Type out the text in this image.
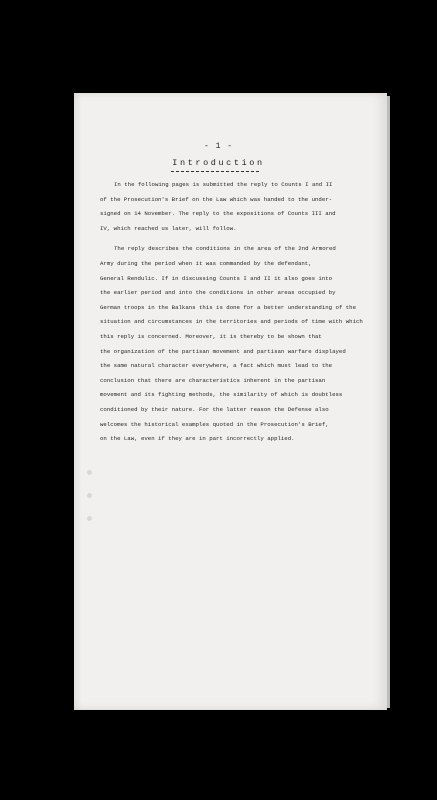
- 1 -
Introduction
In the following pages is submitted the reply to Counts I and II
of the Prosecution's Brief on the Law which was handed to the under-
signed on 14 November. The reply to the expositions of Counts III and
IV, which reached us later, will follow.
The reply describes the conditions in the area of the 2nd Armored
Army during the period when it was commanded by the defendant,
General Rendulic. If in discussing Counts I and II it also goes into
the earlier period and into the conditions in other areas occupied by
German troops in the Balkans this is done for a better understanding of the
situation and circumstances in the territories and periods of time with which
this reply is concerned. Moreover, it is thereby to be shown that
the organization of the partisan movement and partisan warfare displayed
the same natural character everywhere, a fact which must lead to the
conclusion that there are characteristics inherent in the partisan
movement and its fighting methods, the similarity of which is doubtless
conditioned by their nature. For the latter reason the Defense also
welcomes the historical examples quoted in the Prosecution's Brief,
on the Law, even if they are in part incorrectly applied.
